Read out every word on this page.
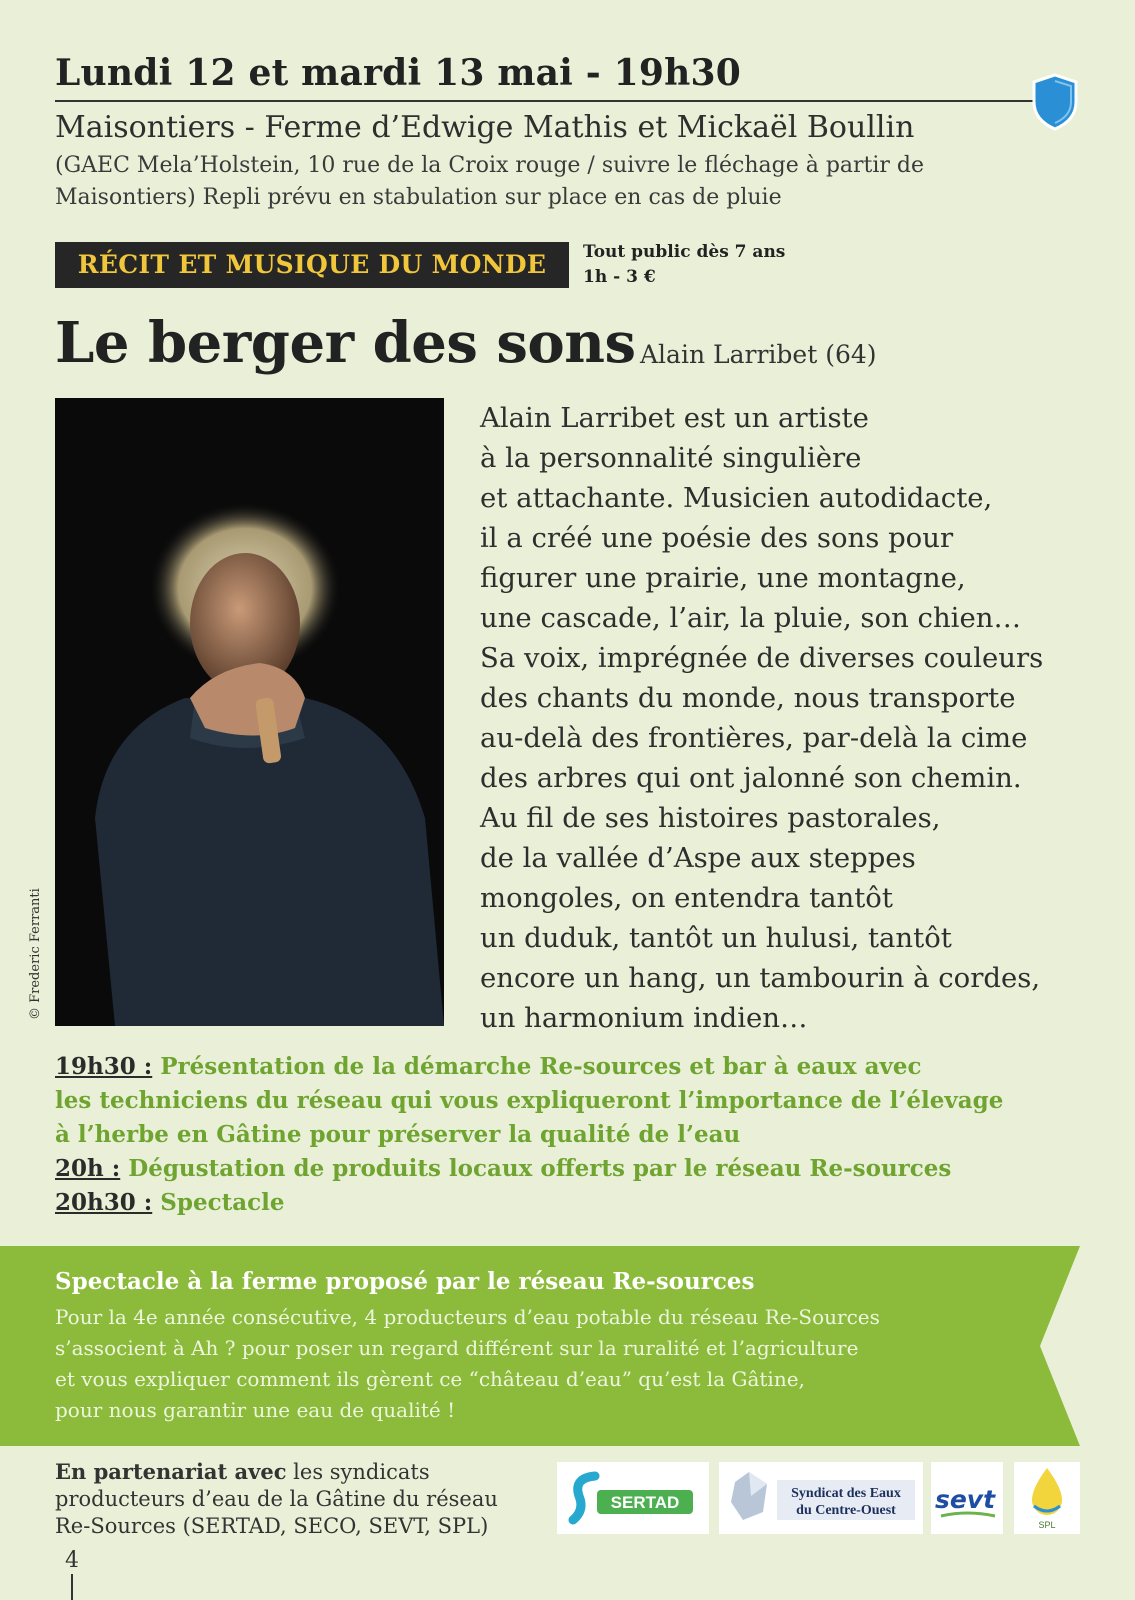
Lundi 12 et mardi 13 mai - 19h30
Maisontiers - Ferme d’Edwige Mathis et Mickaël Boullin
(GAEC Mela’Holstein, 10 rue de la Croix rouge / suivre le fléchage à partir de Maisontiers) Repli prévu en stabulation sur place en cas de pluie
RÉCIT ET MUSIQUE DU MONDE	Tout public dès 7 ans
1h - 3 €
Le berger des sons Alain Larribet (64)
© Frederic Ferranti
Alain Larribet est un artiste
à la personnalité singulière
et attachante. Musicien autodidacte,
il a créé une poésie des sons pour
figurer une prairie, une montagne,
une cascade, l’air, la pluie, son chien…
Sa voix, imprégnée de diverses couleurs
des chants du monde, nous transporte
au-delà des frontières, par-delà la cime
des arbres qui ont jalonné son chemin.
Au fil de ses histoires pastorales,
de la vallée d’Aspe aux steppes
mongoles, on entendra tantôt
un duduk, tantôt un hulusi, tantôt
encore un hang, un tambourin à cordes,
un harmonium indien…
19h30 : Présentation de la démarche Re-sources et bar à eaux avec
les techniciens du réseau qui vous expliqueront l’importance de l’élevage
à l’herbe en Gâtine pour préserver la qualité de l’eau
20h : Dégustation de produits locaux offerts par le réseau Re-sources
20h30 : Spectacle
Spectacle à la ferme proposé par le réseau Re-sources
Pour la 4e année consécutive, 4 producteurs d’eau potable du réseau Re-Sources
s’associent à Ah ? pour poser un regard différent sur la ruralité et l’agriculture
et vous expliquer comment ils gèrent ce “château d’eau” qu’est la Gâtine,
pour nous garantir une eau de qualité !
En partenariat avec les syndicats
producteurs d’eau de la Gâtine du réseau
Re-Sources (SERTAD, SECO, SEVT, SPL)
SERTAD	Syndicat des Eaux
du Centre-Ouest sevt
SPL
4
